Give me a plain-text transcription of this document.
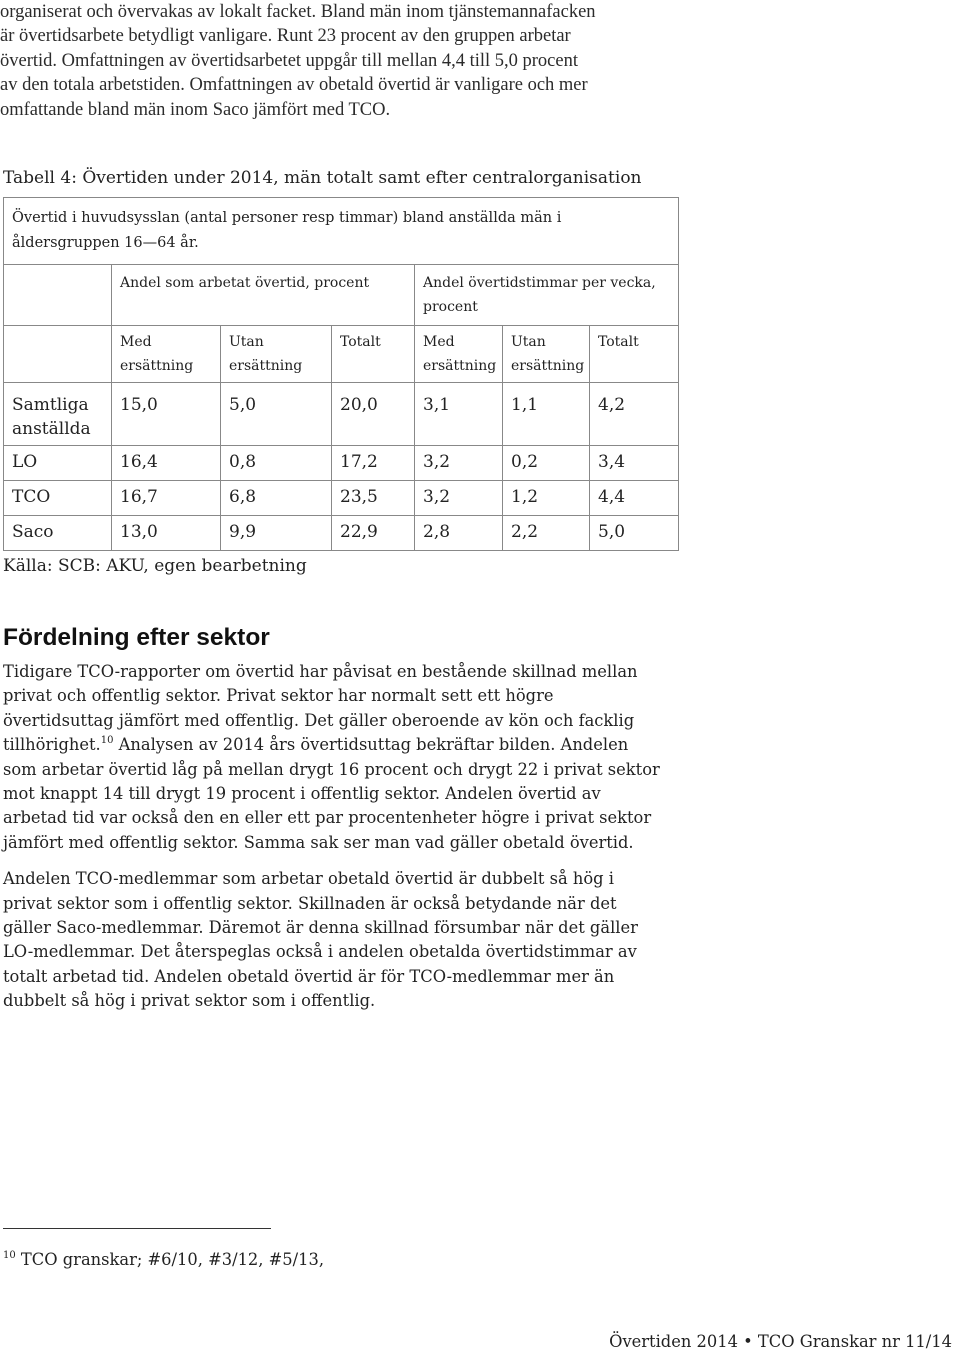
organiserat och övervakas av lokalt facket. Bland män inom tjänstemannafacken

är övertidsarbete betydligt vanligare. Runt 23 procent av den gruppen arbetar

övertid. Omfattningen av övertidsarbetet uppgår till mellan 4,4 till 5,0 procent

av den totala arbetstiden. Omfattningen av obetald övertid är vanligare och mer

omfattande bland män inom Saco jämfört med TCO.

Tabell 4: Övertiden under 2014, män totalt samt efter centralorganisation
Övertid i huvudsysslan (antal personer resp timmar) bland anställda män i åldersgruppen 16—64 år.						
	Andel som arbetat övertid, procent			Andel övertidstimmar per vecka, procent		
	Med ersättning	Utan ersättning	Totalt	Med ersättning	Utan ersättning	Totalt
Samtliga anställda	15,0	5,0	20,0	3,1	1,1	4,2
LO	16,4	0,8	17,2	3,2	0,2	3,4
TCO	16,7	6,8	23,5	3,2	1,2	4,4
Saco	13,0	9,9	22,9	2,8	2,2	5,0
Källa: SCB: AKU, egen bearbetning
Fördelning efter sektor

Tidigare TCO-rapporter om övertid har påvisat en bestående skillnad mellan privat och offentlig sektor. Privat sektor har normalt sett ett högre övertidsuttag jämfört med offentlig. Det gäller oberoende av kön och facklig tillhörighet.$^{10}$ Analysen av 2014 års övertidsuttag bekräftar bilden. Andelen som arbetar övertid låg på mellan drygt 16 procent och drygt 22 i privat sektor mot knappt 14 till drygt 19 procent i offentlig sektor. Andelen övertid av arbetad tid var också den en eller ett par procentenheter högre i privat sektor jämfört med offentlig sektor. Samma sak ser man vad gäller obetald övertid.

Andelen TCO-medlemmar som arbetar obetald övertid är dubbelt så hög i privat sektor som i offentlig sektor. Skillnaden är också betydande när det gäller Saco-medlemmar. Däremot är denna skillnad försumbar när det gäller LO-medlemmar. Det återspeglas också i andelen obetalda övertidstimmar av totalt arbetad tid. Andelen obetald övertid är för TCO-medlemmar mer än dubbelt så hög i privat sektor som i offentlig.

$^{10}$ TCO granskar; #6/10, #3/12, #5/13,
Övertiden 2014 • TCO Granskar nr 11/14
